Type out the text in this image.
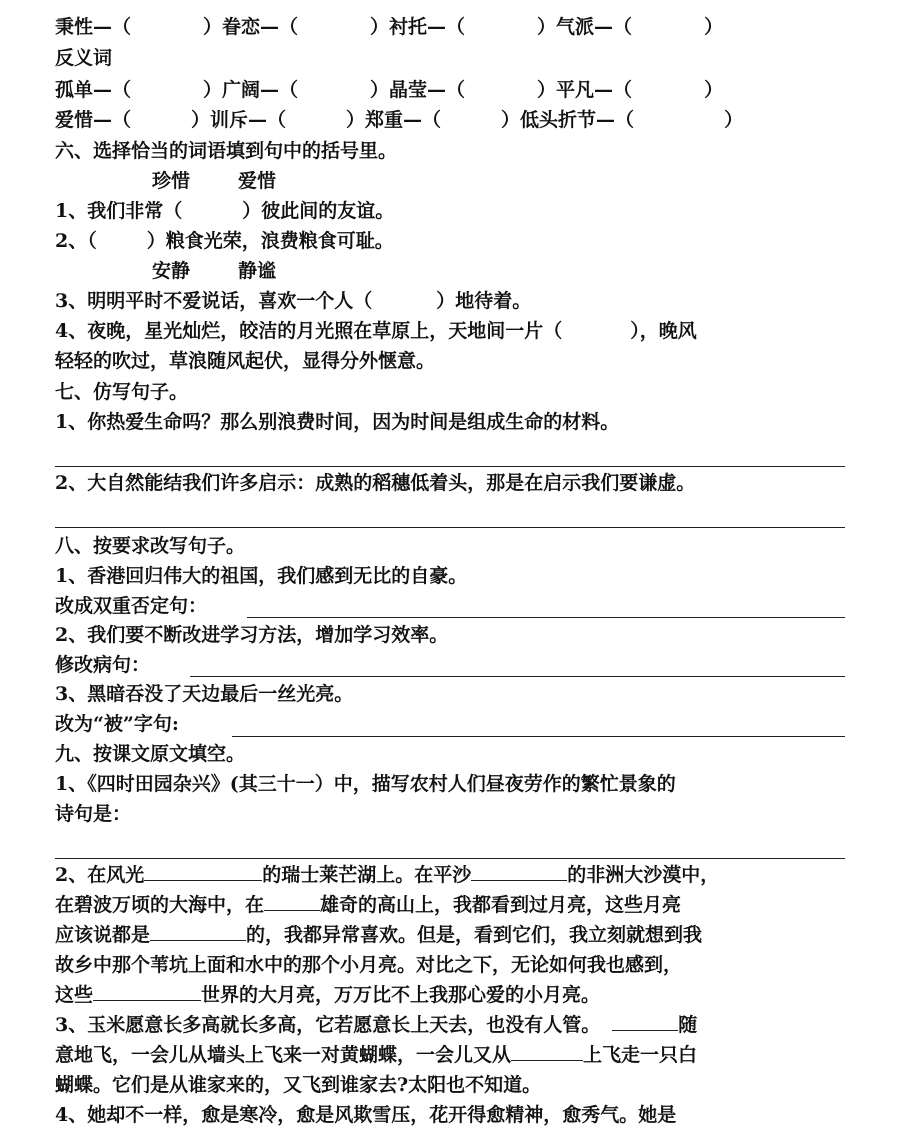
秉性—（	）眷恋—（	）衬托—（	）气派—（	）
反义词
孤单—（	）广阔—（	）晶莹—（	）平凡—（	）
爱惜—（	）训斥—（	）郑重—（	）低头折节—（	）
六、选择恰当的词语填到句中的括号里。
珍惜	爱惜
1、我们非常（	）彼此间的友谊。
2、（	）粮食光荣，浪费粮食可耻。
安静	静谧
3、明明平时不爱说话，喜欢一个人（	）地待着。
4、夜晚，星光灿烂，皎洁的月光照在草原上，天地间一片（	），晚风
轻轻的吹过，草浪随风起伏，显得分外惬意。
七、仿写句子。
1、你热爱生命吗？那么别浪费时间，因为时间是组成生命的材料。
2、大自然能结我们许多启示：成熟的稻穗低着头，那是在启示我们要谦虚。
八、按要求改写句子。
1、香港回归伟大的祖国，我们感到无比的自豪。
改成双重否定句：
2、我们要不断改进学习方法，增加学习效率。
修改病句：
3、黑暗吞没了天边最后一丝光亮。
改为“被”字句:
九、按课文原文填空。
1、《四时田园杂兴》(其三十一）中，描写农村人们昼夜劳作的繁忙景象的
诗句是：
2、在风光	的瑞士莱芒湖上。在平沙	的非洲大沙漠中，
在碧波万顷的大海中，在	雄奇的高山上，我都看到过月亮，这些月亮
应该说都是	的，我都异常喜欢。但是，看到它们，我立刻就想到我
故乡中那个苇坑上面和水中的那个小月亮。对比之下，无论如何我也感到，
这些	世界的大月亮，万万比不上我那心爱的小月亮。
3、玉米愿意长多高就长多高，它若愿意长上天去，也没有人管。	随
意地飞，一会儿从墙头上飞来一对黄蝴蝶，一会儿又从	上飞走一只白
蝴蝶。它们是从谁家来的，又飞到谁家去?太阳也不知道。
4、她却不一样，愈是寒冷，愈是风欺雪压，花开得愈精神，愈秀气。她是
